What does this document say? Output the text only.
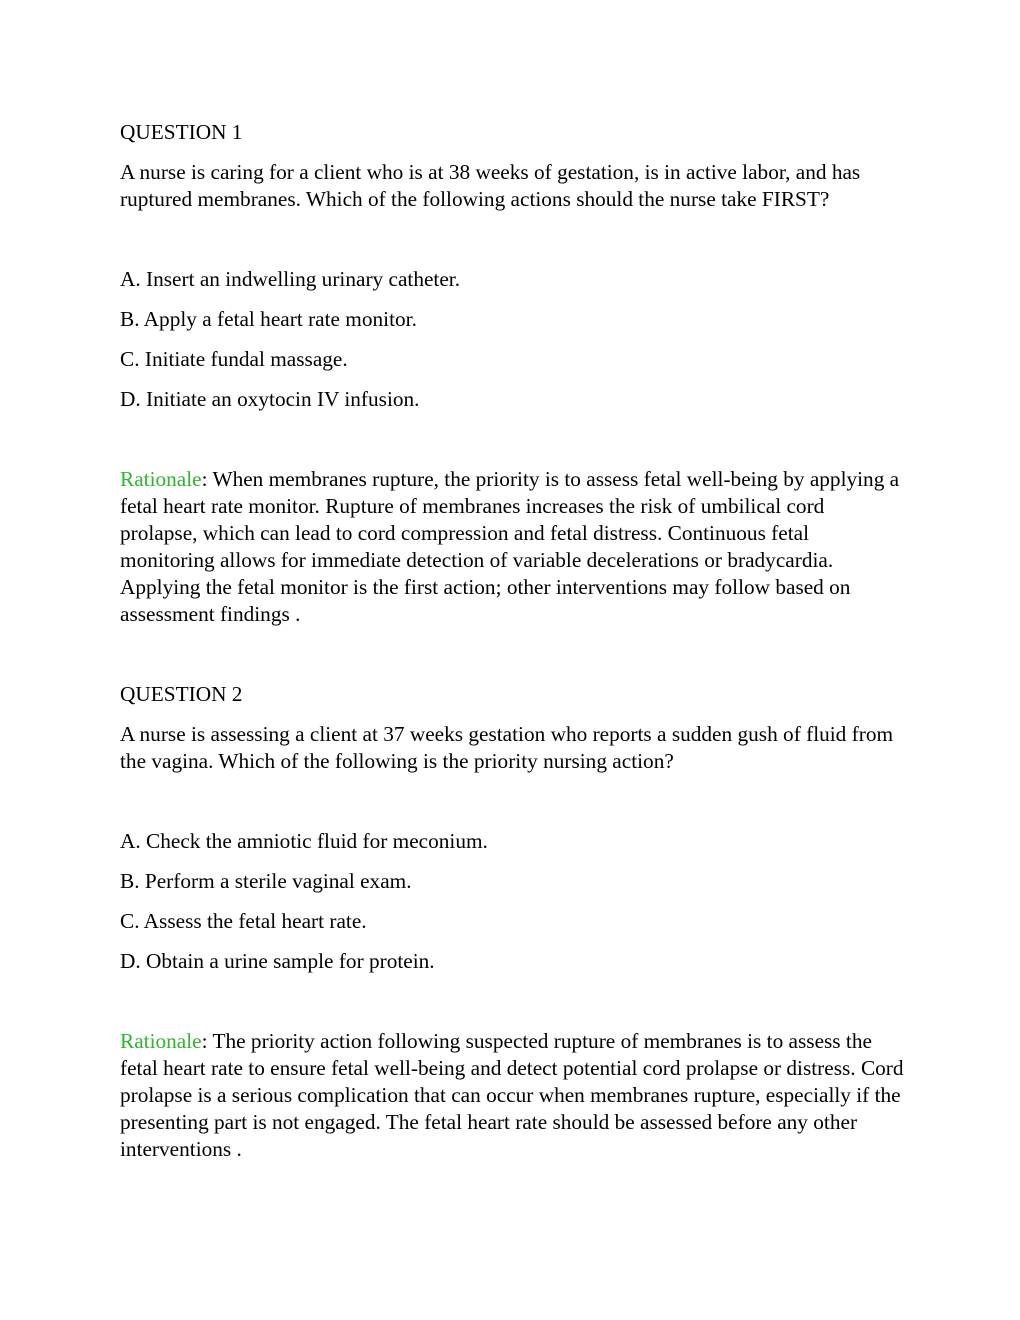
QUESTION 1

A nurse is caring for a client who is at 38 weeks of gestation, is in active labor, and has ruptured membranes. Which of the following actions should the nurse take FIRST?

A. Insert an indwelling urinary catheter.
B. Apply a fetal heart rate monitor.
C. Initiate fundal massage.
D. Initiate an oxytocin IV infusion.

Rationale: When membranes rupture, the priority is to assess fetal well-being by applying a fetal heart rate monitor. Rupture of membranes increases the risk of umbilical cord prolapse, which can lead to cord compression and fetal distress. Continuous fetal monitoring allows for immediate detection of variable decelerations or bradycardia. Applying the fetal monitor is the first action; other interventions may follow based on assessment findings .

QUESTION 2

A nurse is assessing a client at 37 weeks gestation who reports a sudden gush of fluid from the vagina. Which of the following is the priority nursing action?

A. Check the amniotic fluid for meconium.
B. Perform a sterile vaginal exam.
C. Assess the fetal heart rate.
D. Obtain a urine sample for protein.

Rationale: The priority action following suspected rupture of membranes is to assess the fetal heart rate to ensure fetal well-being and detect potential cord prolapse or distress. Cord prolapse is a serious complication that can occur when membranes rupture, especially if the presenting part is not engaged. The fetal heart rate should be assessed before any other interventions .
